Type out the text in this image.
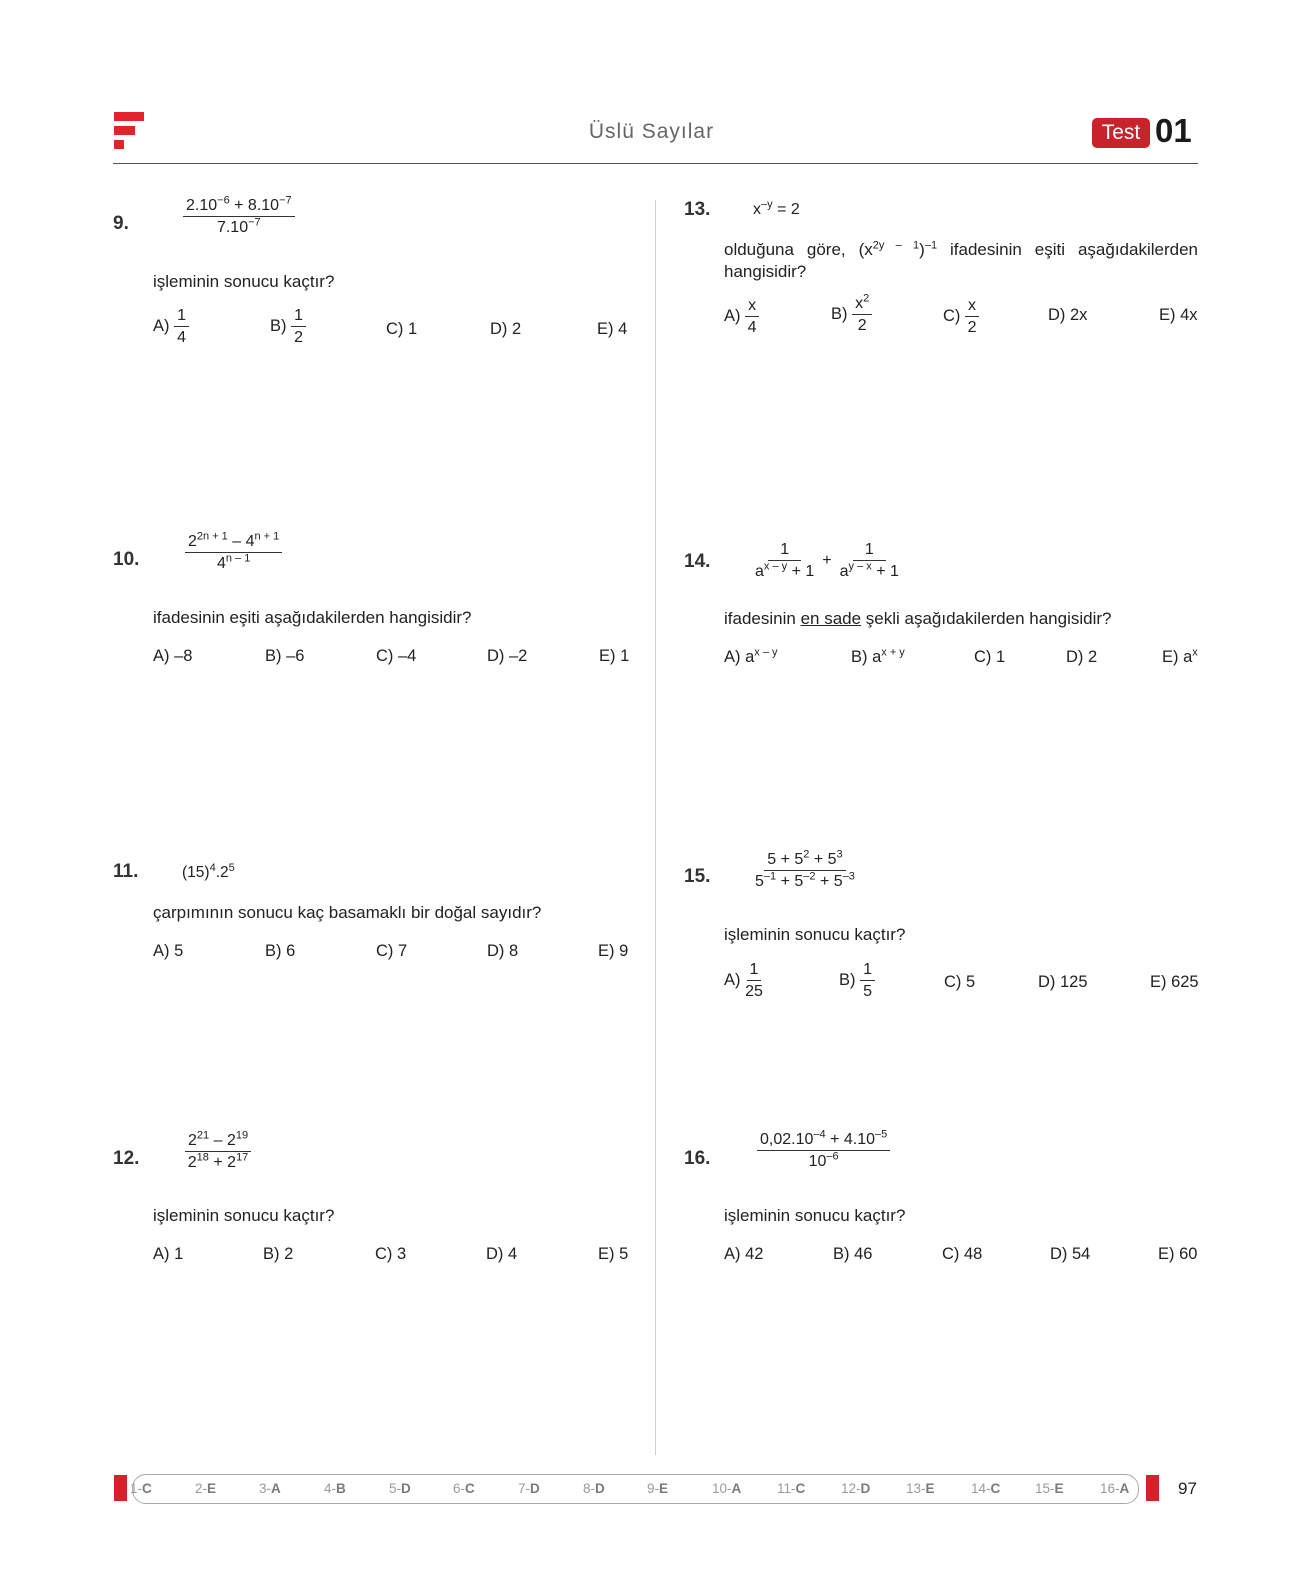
Üslü Sayılar	Test 01
9.	$\frac{2.10^{-6} + 8.10^{-7}}{7.10^{-7}}$
işleminin sonucu kaçtır?
$A) \frac{1}{4}$	$B) \frac{1}{2}$	C) 1	D) 2	E) 4
10.	$\frac{2^{2n + 1} - 4^{n + 1}}{4^{n - 1}}$
ifadesinin eşiti aşağıdakilerden hangisidir?
A) –8	B) –6	C) –4	D) –2	E) 1
11.	$(15)^4.2^5$
çarpımının sonucu kaç basamaklı bir doğal sayıdır?
A) 5	B) 6	C) 7	D) 8	E) 9
12.	$\frac{2^{21} - 2^{19}}{2^{18} + 2^{17}}$
işleminin sonucu kaçtır?
A) 1	B) 2	C) 3	D) 4	E) 5
13.	$x^{-y} = 2$
olduğuna göre, $(x^{2y - 1})^{-1}$ ifadesinin eşiti aşağıdakilerden
hangisidir?
$A) \frac{x}{4}$	$B) \frac{x^2}{2}$	$C) \frac{x}{2}$	D) 2x	E) 4x
14.	$\frac{1}{a^{x - y} + 1} + \frac{1}{a^{y - x} + 1}$
ifadesinin en sade şekli aşağıdakilerden hangisidir?
A) $a^{x - y}$	B) $a^{x + y}$	C) 1	D) 2	E) $a^x$
15.	$\frac{5 + 5^2 + 5^3}{5^{-1} + 5^{-2} + 5^{-3}}$
işleminin sonucu kaçtır?
$A) \frac{1}{25}$	$B) \frac{1}{5}$	C) 5	D) 125	E) 625
16.	$\frac{0,02.10^{-4} + 4.10^{-5}}{10^{-6}}$
işleminin sonucu kaçtır?
A) 42	B) 46	C) 48	D) 54	E) 60
1-C	2-E	3-A	4-B	5-D	6-C	7-D	8-D	9-E	10-A	11-C	12-D	13-E	14-C	15-E	16-A	97
